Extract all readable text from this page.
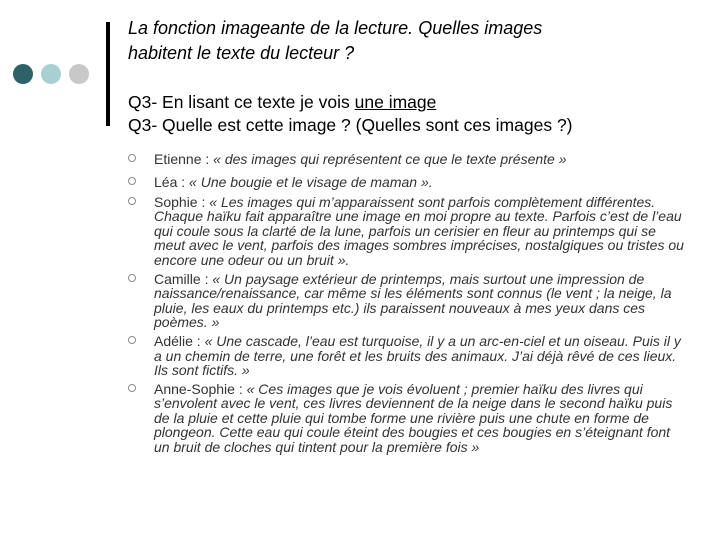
La fonction imageante de la lecture. Quelles images
habitent le texte du lecteur ?
Q3- En lisant ce texte je vois une image
Q3- Quelle est cette image ? (Quelles sont ces images ?)
Etienne : « des images qui représentent ce que le texte présente »
Léa : « Une bougie et le visage de maman ».
Sophie : « Les images qui m’apparaissent sont parfois complètement différentes. Chaque haïku fait apparaître une image en moi propre au texte. Parfois c’est de l’eau qui coule sous la clarté de la lune, parfois un cerisier en fleur au printemps qui se meut avec le vent, parfois des images sombres imprécises, nostalgiques ou tristes ou encore une odeur ou un bruit ».
Camille : « Un paysage extérieur de printemps, mais surtout une impression de naissance/renaissance, car même si les éléments sont connus (le vent ; la neige, la pluie, les eaux du printemps etc.) ils paraissent nouveaux à mes yeux dans ces poèmes. »
Adélie : « Une cascade, l’eau est turquoise, il y a un arc-en-ciel et un oiseau. Puis il y a un chemin de terre, une forêt et les bruits des animaux. J’ai déjà rêvé de ces lieux. Ils sont fictifs. »
Anne-Sophie : « Ces images que je vois évoluent ; premier haïku des livres qui s’envolent avec le vent, ces livres deviennent de la neige dans le second haïku puis de la pluie et cette pluie qui tombe forme une rivière puis une chute en forme de plongeon. Cette eau qui coule éteint des bougies et ces bougies en s’éteignant font un bruit de cloches qui tintent pour la première fois »
